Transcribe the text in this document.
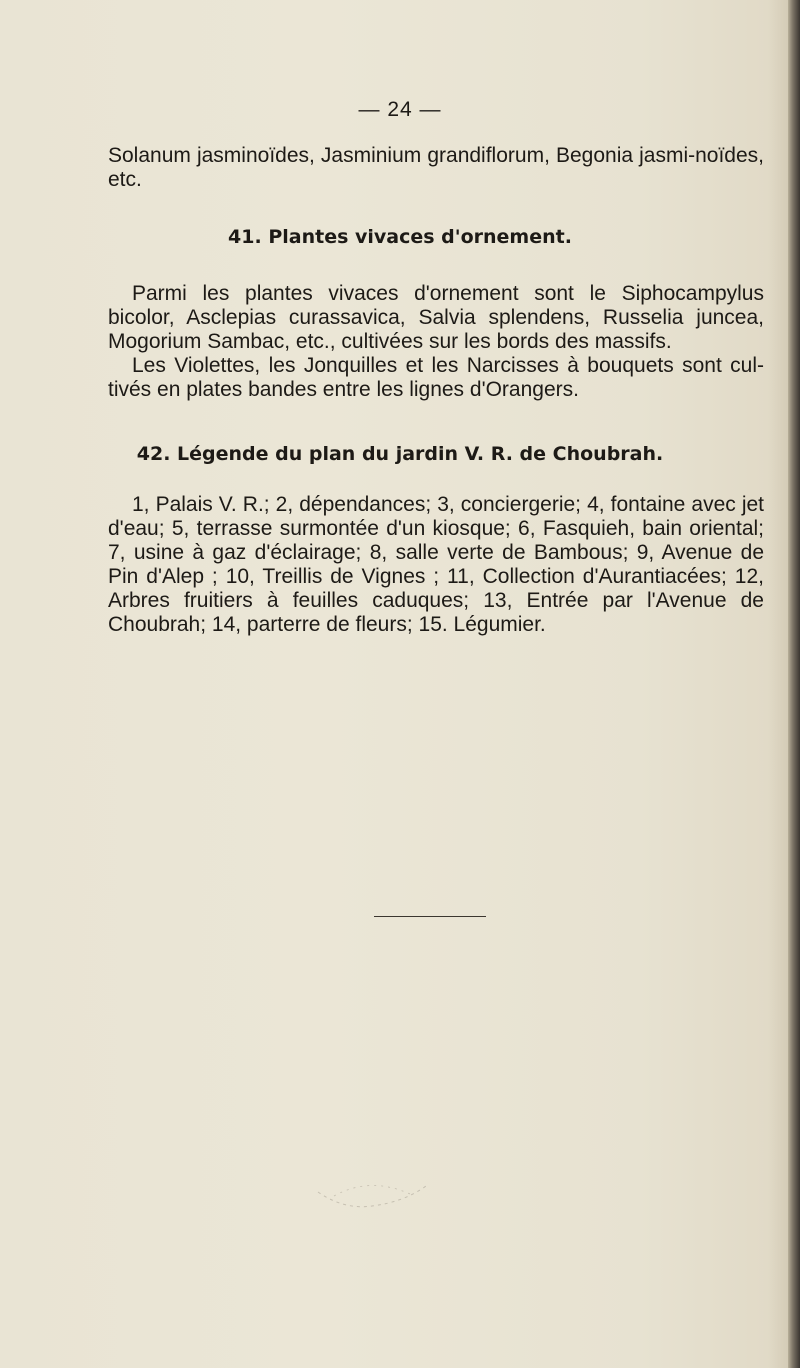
— 24 —

Solanum jasminoïdes, Jasminium grandiflorum, Begonia jasmi-noïdes, etc.

41. Plantes vivaces d'ornement.

Parmi les plantes vivaces d'ornement sont le Siphocampylus bicolor, Asclepias curassavica, Salvia splendens, Russelia juncea, Mogorium Sambac, etc., cultivées sur les bords des massifs.

Les Violettes, les Jonquilles et les Narcisses à bouquets sont cul-tivés en plates bandes entre les lignes d'Orangers.

42. Légende du plan du jardin V. R. de Choubrah.

1, Palais V. R.; 2, dépendances; 3, conciergerie; 4, fontaine avec jet d'eau; 5, terrasse surmontée d'un kiosque; 6, Fasquieh, bain oriental; 7, usine à gaz d'éclairage; 8, salle verte de Bambous; 9, Avenue de Pin d'Alep ; 10, Treillis de Vignes ; 11, Collection d'Aurantiacées; 12, Arbres fruitiers à feuilles caduques; 13, Entrée par l'Avenue de Choubrah; 14, parterre de fleurs; 15. Légumier.
